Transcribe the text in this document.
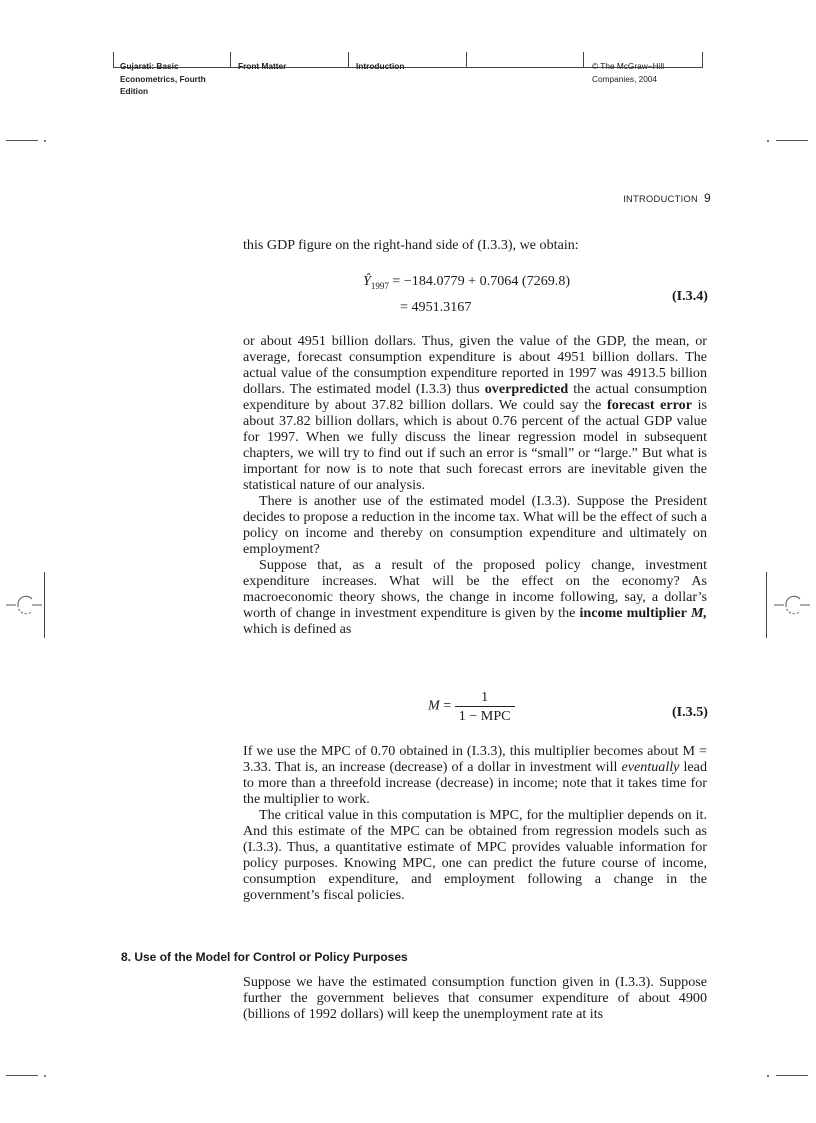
Gujarati: Basic
Econometrics, Fourth
Edition
Front Matter	Introduction	© The McGraw−Hill
Companies, 2004
INTRODUCTION 9

this GDP figure on the right-hand side of (I.3.3), we obtain:

$Ŷ_{1997} = -184.0779 + 0.7064$ (7269.8)
= 4951.3167
(I.3.4)

or about 4951 billion dollars. Thus, given the value of the GDP, the mean, or average, forecast consumption expenditure is about 4951 billion dollars. The actual value of the consumption expenditure reported in 1997 was 4913.5 billion dollars. The estimated model (I.3.3) thus overpredicted the actual consumption expenditure by about 37.82 billion dollars. We could say the forecast error is about 37.82 billion dollars, which is about 0.76 percent of the actual GDP value for 1997. When we fully discuss the linear regression model in subsequent chapters, we will try to find out if such an error is “small” or “large.” But what is important for now is to note that such forecast errors are inevitable given the statistical nature of our analysis.

There is another use of the estimated model (I.3.3). Suppose the President decides to propose a reduction in the income tax. What will be the effect of such a policy on income and thereby on consumption expenditure and ultimately on employment?

Suppose that, as a result of the proposed policy change, investment expenditure increases. What will be the effect on the economy? As macroeconomic theory shows, the change in income following, say, a dollar’s worth of change in investment expenditure is given by the income multiplier M, which is defined as

$M = \frac{1}{\text{1 − MPC}}$	(I.3.5)

If we use the MPC of 0.70 obtained in (I.3.3), this multiplier becomes about M = 3.33. That is, an increase (decrease) of a dollar in investment will eventually lead to more than a threefold increase (decrease) in income; note that it takes time for the multiplier to work.

The critical value in this computation is MPC, for the multiplier depends on it. And this estimate of the MPC can be obtained from regression models such as (I.3.3). Thus, a quantitative estimate of MPC provides valuable information for policy purposes. Knowing MPC, one can predict the future course of income, consumption expenditure, and employment following a change in the government’s fiscal policies.

8. Use of the Model for Control or Policy Purposes

Suppose we have the estimated consumption function given in (I.3.3). Suppose further the government believes that consumer expenditure of about 4900 (billions of 1992 dollars) will keep the unemployment rate at its
